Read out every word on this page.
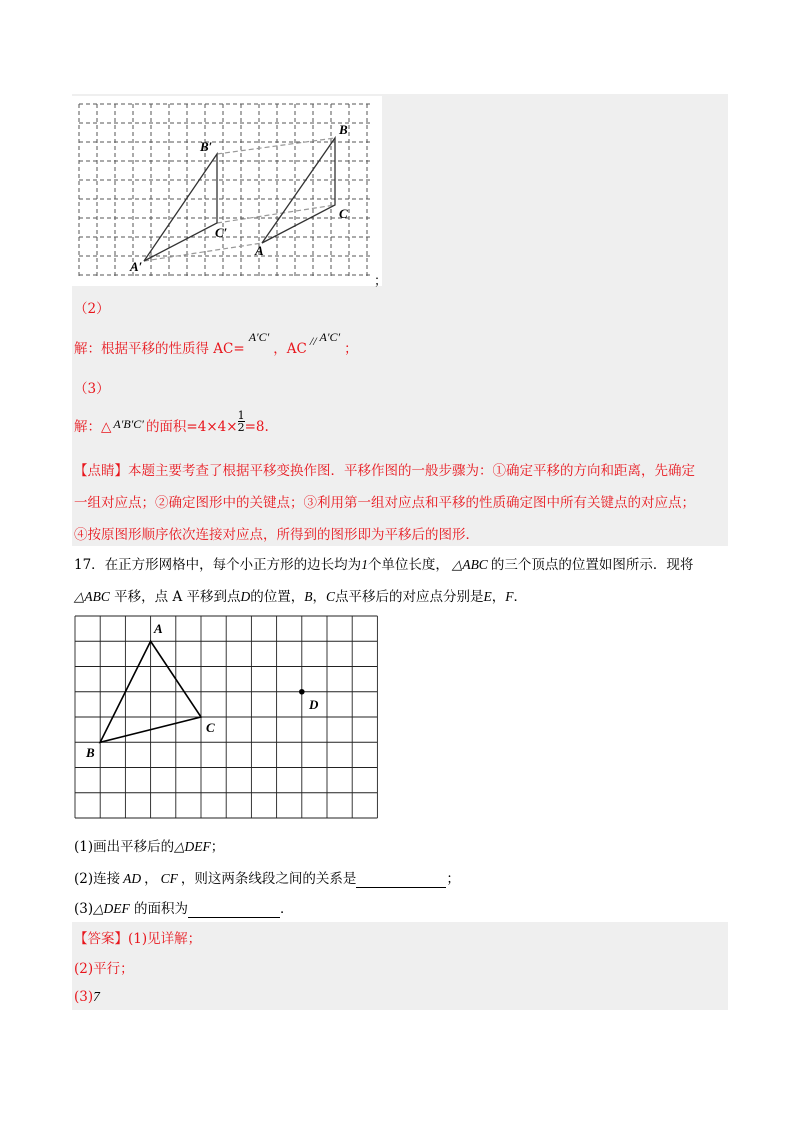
B′
B
C′
C
A
A′
；
（2）
解：根据平移的性质得 AC=A′C′，AC // A′C′；
（3）
解：△ A′B′C′ 的面积$=4\times 4\times \frac{1}{2} =8$.
【点睛】本题主要考查了根据平移变换作图．平移作图的一般步骤为：①确定平移的方向和距离，先确定
一组对应点；②确定图形中的关键点；③利用第一组对应点和平移的性质确定图中所有关键点的对应点；
④按原图形顺序依次连接对应点，所得到的图形即为平移后的图形．
17．在正方形网格中，每个小正方形的边长均为1个单位长度， △ABC 的三个顶点的位置如图所示．现将
△ABC 平移，点 A 平移到点D的位置，B，C点平移后的对应点分别是E，F．
A
B
C
D
(1)画出平移后的△DEF；
(2)连接 AD ， CF ，则这两条线段之间的关系是	；
(3)△DEF 的面积为	．
【答案】(1)见详解；
(2)平行；
(3)7
